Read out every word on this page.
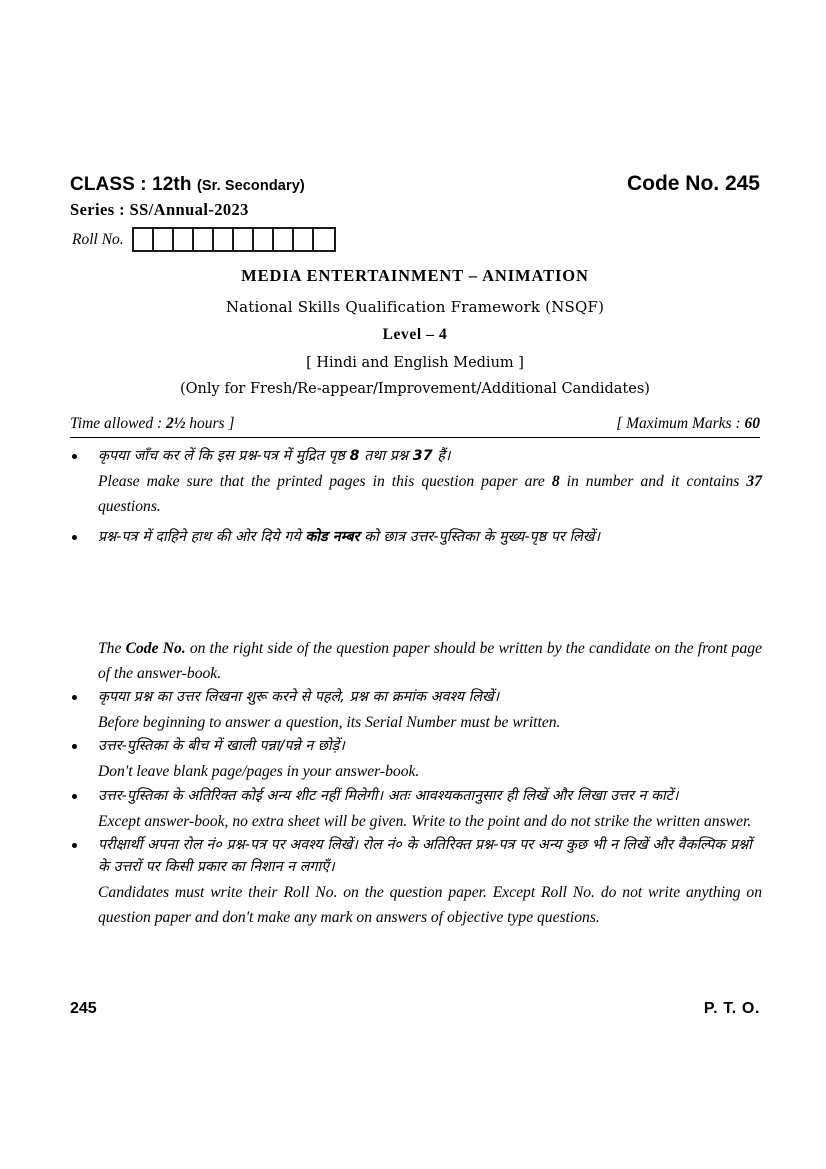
CLASS : 12th (Sr. Secondary)	Code No. 245
Series : SS/Annual-2023
Roll No.
MEDIA ENTERTAINMENT – ANIMATION
National Skills Qualification Framework (NSQF)
Level – 4
[ Hindi and English Medium ]
(Only for Fresh/Re-appear/Improvement/Additional Candidates)
Time allowed : 2½ hours ]	[ Maximum Marks : 60
कृपया जाँच कर लें कि इस प्रश्न-पत्र में मुद्रित पृष्ठ 8 तथा प्रश्न 37 हैं।
Please make sure that the printed pages in this question paper are 8 in number and it contains 37 questions.
प्रश्न-पत्र में दाहिने हाथ की ओर दिये गये कोड नम्बर को छात्र उत्तर-पुस्तिका के मुख्य-पृष्ठ पर लिखें।
The Code No. on the right side of the question paper should be written by the candidate on the front page of the answer-book.
कृपया प्रश्न का उत्तर लिखना शुरू करने से पहले, प्रश्न का क्रमांक अवश्य लिखें।
Before beginning to answer a question, its Serial Number must be written.
उत्तर-पुस्तिका के बीच में खाली पन्ना/पन्ने न छोड़ें।
Don't leave blank page/pages in your answer-book.
उत्तर-पुस्तिका के अतिरिक्त कोई अन्य शीट नहीं मिलेगी। अतः आवश्यकतानुसार ही लिखें और लिखा उत्तर न काटें।
Except answer-book, no extra sheet will be given. Write to the point and do not strike the written answer.
परीक्षार्थी अपना रोल नं० प्रश्न-पत्र पर अवश्य लिखें। रोल नं० के अतिरिक्त प्रश्न-पत्र पर अन्य कुछ भी न लिखें और वैकल्पिक प्रश्नों के उत्तरों पर किसी प्रकार का निशान न लगाएँ।
Candidates must write their Roll No. on the question paper. Except Roll No. do not write anything on question paper and don't make any mark on answers of objective type questions.
245	P. T. O.
